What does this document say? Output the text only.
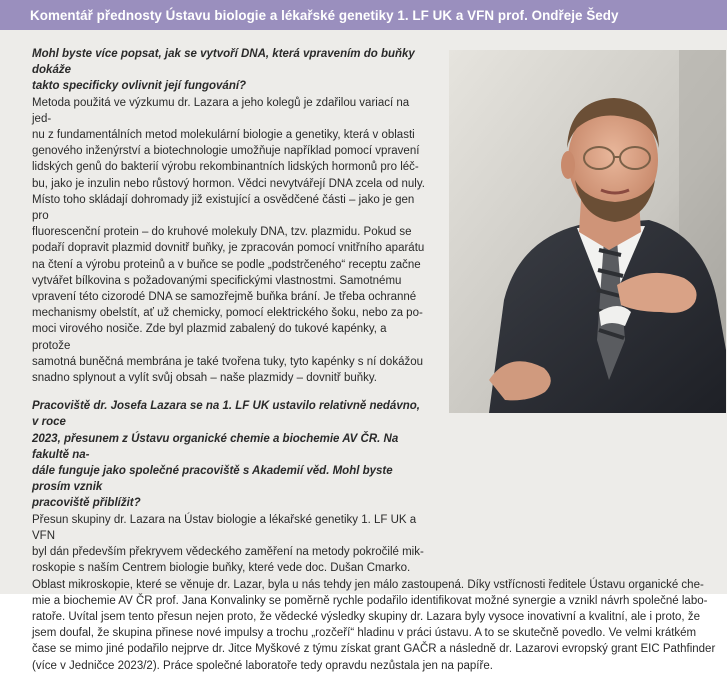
Komentář přednosty Ústavu biologie a lékařské genetiky 1. LF UK a VFN prof. Ondřeje Šedy

Mohl byste více popsat, jak se vytvoří DNA, která vpravením do buňky dokáže
takto specificky ovlivnit její fungování?

Metoda použitá ve výzkumu dr. Lazara a jeho kolegů je zdařilou variací na jed-
nu z fundamentálních metod molekulární biologie a genetiky, která v oblasti
genového inženýrství a biotechnologie umožňuje například pomocí vpravení
lidských genů do bakterií výrobu rekombinantních lidských hormonů pro léč-
bu, jako je inzulin nebo růstový hormon. Vědci nevytvářejí DNA zcela od nuly.
Místo toho skládají dohromady již existující a osvědčené části – jako je gen pro
fluorescenční protein – do kruhové molekuly DNA, tzv. plazmidu. Pokud se
podaří dopravit plazmid dovnitř buňky, je zpracován pomocí vnitřního aparátu
na čtení a výrobu proteinů a v buňce se podle „podstrčeného“ receptu začne
vytvářet bílkovina s požadovanými specifickými vlastnostmi. Samotnému
vpravení této cizorodé DNA se samozřejmě buňka brání. Je třeba ochranné
mechanismy obelstít, ať už chemicky, pomocí elektrického šoku, nebo za po-
moci virového nosiče. Zde byl plazmid zabalený do tukové kapénky, a protože
samotná buněčná membrána je také tvořena tuky, tyto kapénky s ní dokážou
snadno splynout a vylít svůj obsah – naše plazmidy – dovnitř buňky.

Pracoviště dr. Josefa Lazara se na 1. LF UK ustavilo relativně nedávno, v roce
2023, přesunem z Ústavu organické chemie a biochemie AV ČR. Na fakultě na-
dále funguje jako společné pracoviště s Akademií věd. Mohl byste prosím vznik
pracoviště přiblížit?

Přesun skupiny dr. Lazara na Ústav biologie a lékařské genetiky 1. LF UK a VFN
byl dán především překryvem vědeckého zaměření na metody pokročilé mik-
roskopie s naším Centrem biologie buňky, které vede doc. Dušan Cmarko.

Oblast mikroskopie, které se věnuje dr. Lazar, byla u nás tehdy jen málo zastoupená. Díky vstřícnosti ředitele Ústavu organické che-
mie a biochemie AV ČR prof. Jana Konvalinky se poměrně rychle podařilo identifikovat možné synergie a vznikl návrh společné labo-
ratoře. Uvítal jsem tento přesun nejen proto, že vědecké výsledky skupiny dr. Lazara byly vysoce inovativní a kvalitní, ale i proto, že
jsem doufal, že skupina přinese nové impulsy a trochu „rozčeří“ hladinu v práci ústavu. A to se skutečně povedlo. Ve velmi krátkém
čase se mimo jiné podařilo nejprve dr. Jitce Myškové z týmu získat grant GAČR a následně dr. Lazarovi evropský grant EIC Pathfinder
(více v Jedničce 2023/2). Práce společné laboratoře tedy opravdu nezůstala jen na papíře.
